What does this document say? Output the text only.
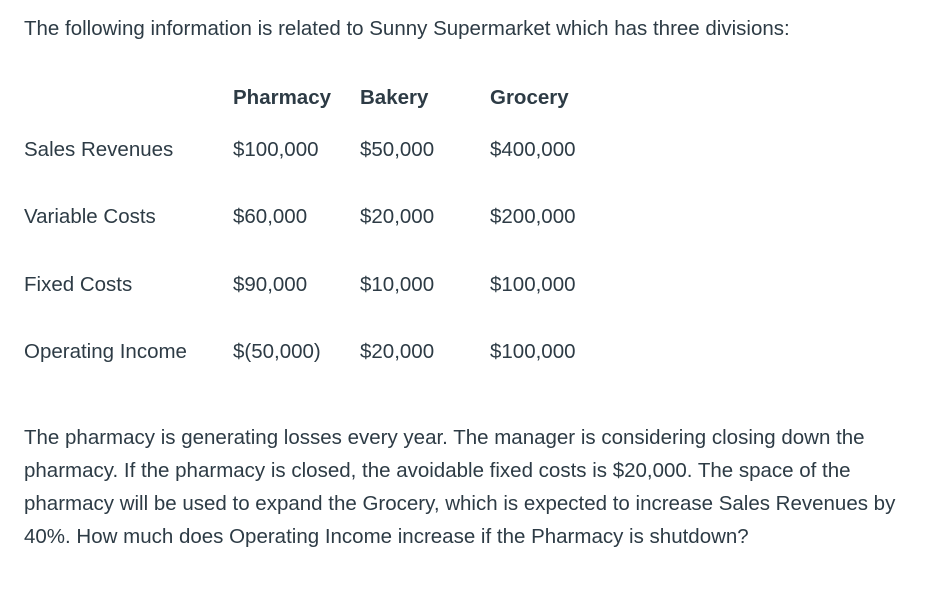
The following information is related to Sunny Supermarket which has three divisions:
	Pharmacy	Bakery	Grocery
Sales Revenues	$100,000	$50,000	$400,000
Variable Costs	$60,000	$20,000	$200,000
Fixed Costs	$90,000	$10,000	$100,000
Operating Income	$(50,000)	$20,000	$100,000
The pharmacy is generating losses every year. The manager is considering closing down the pharmacy. If the pharmacy is closed, the avoidable fixed costs is $20,000. The space of the pharmacy will be used to expand the Grocery, which is expected to increase Sales Revenues by 40%. How much does Operating Income increase if the Pharmacy is shutdown?
